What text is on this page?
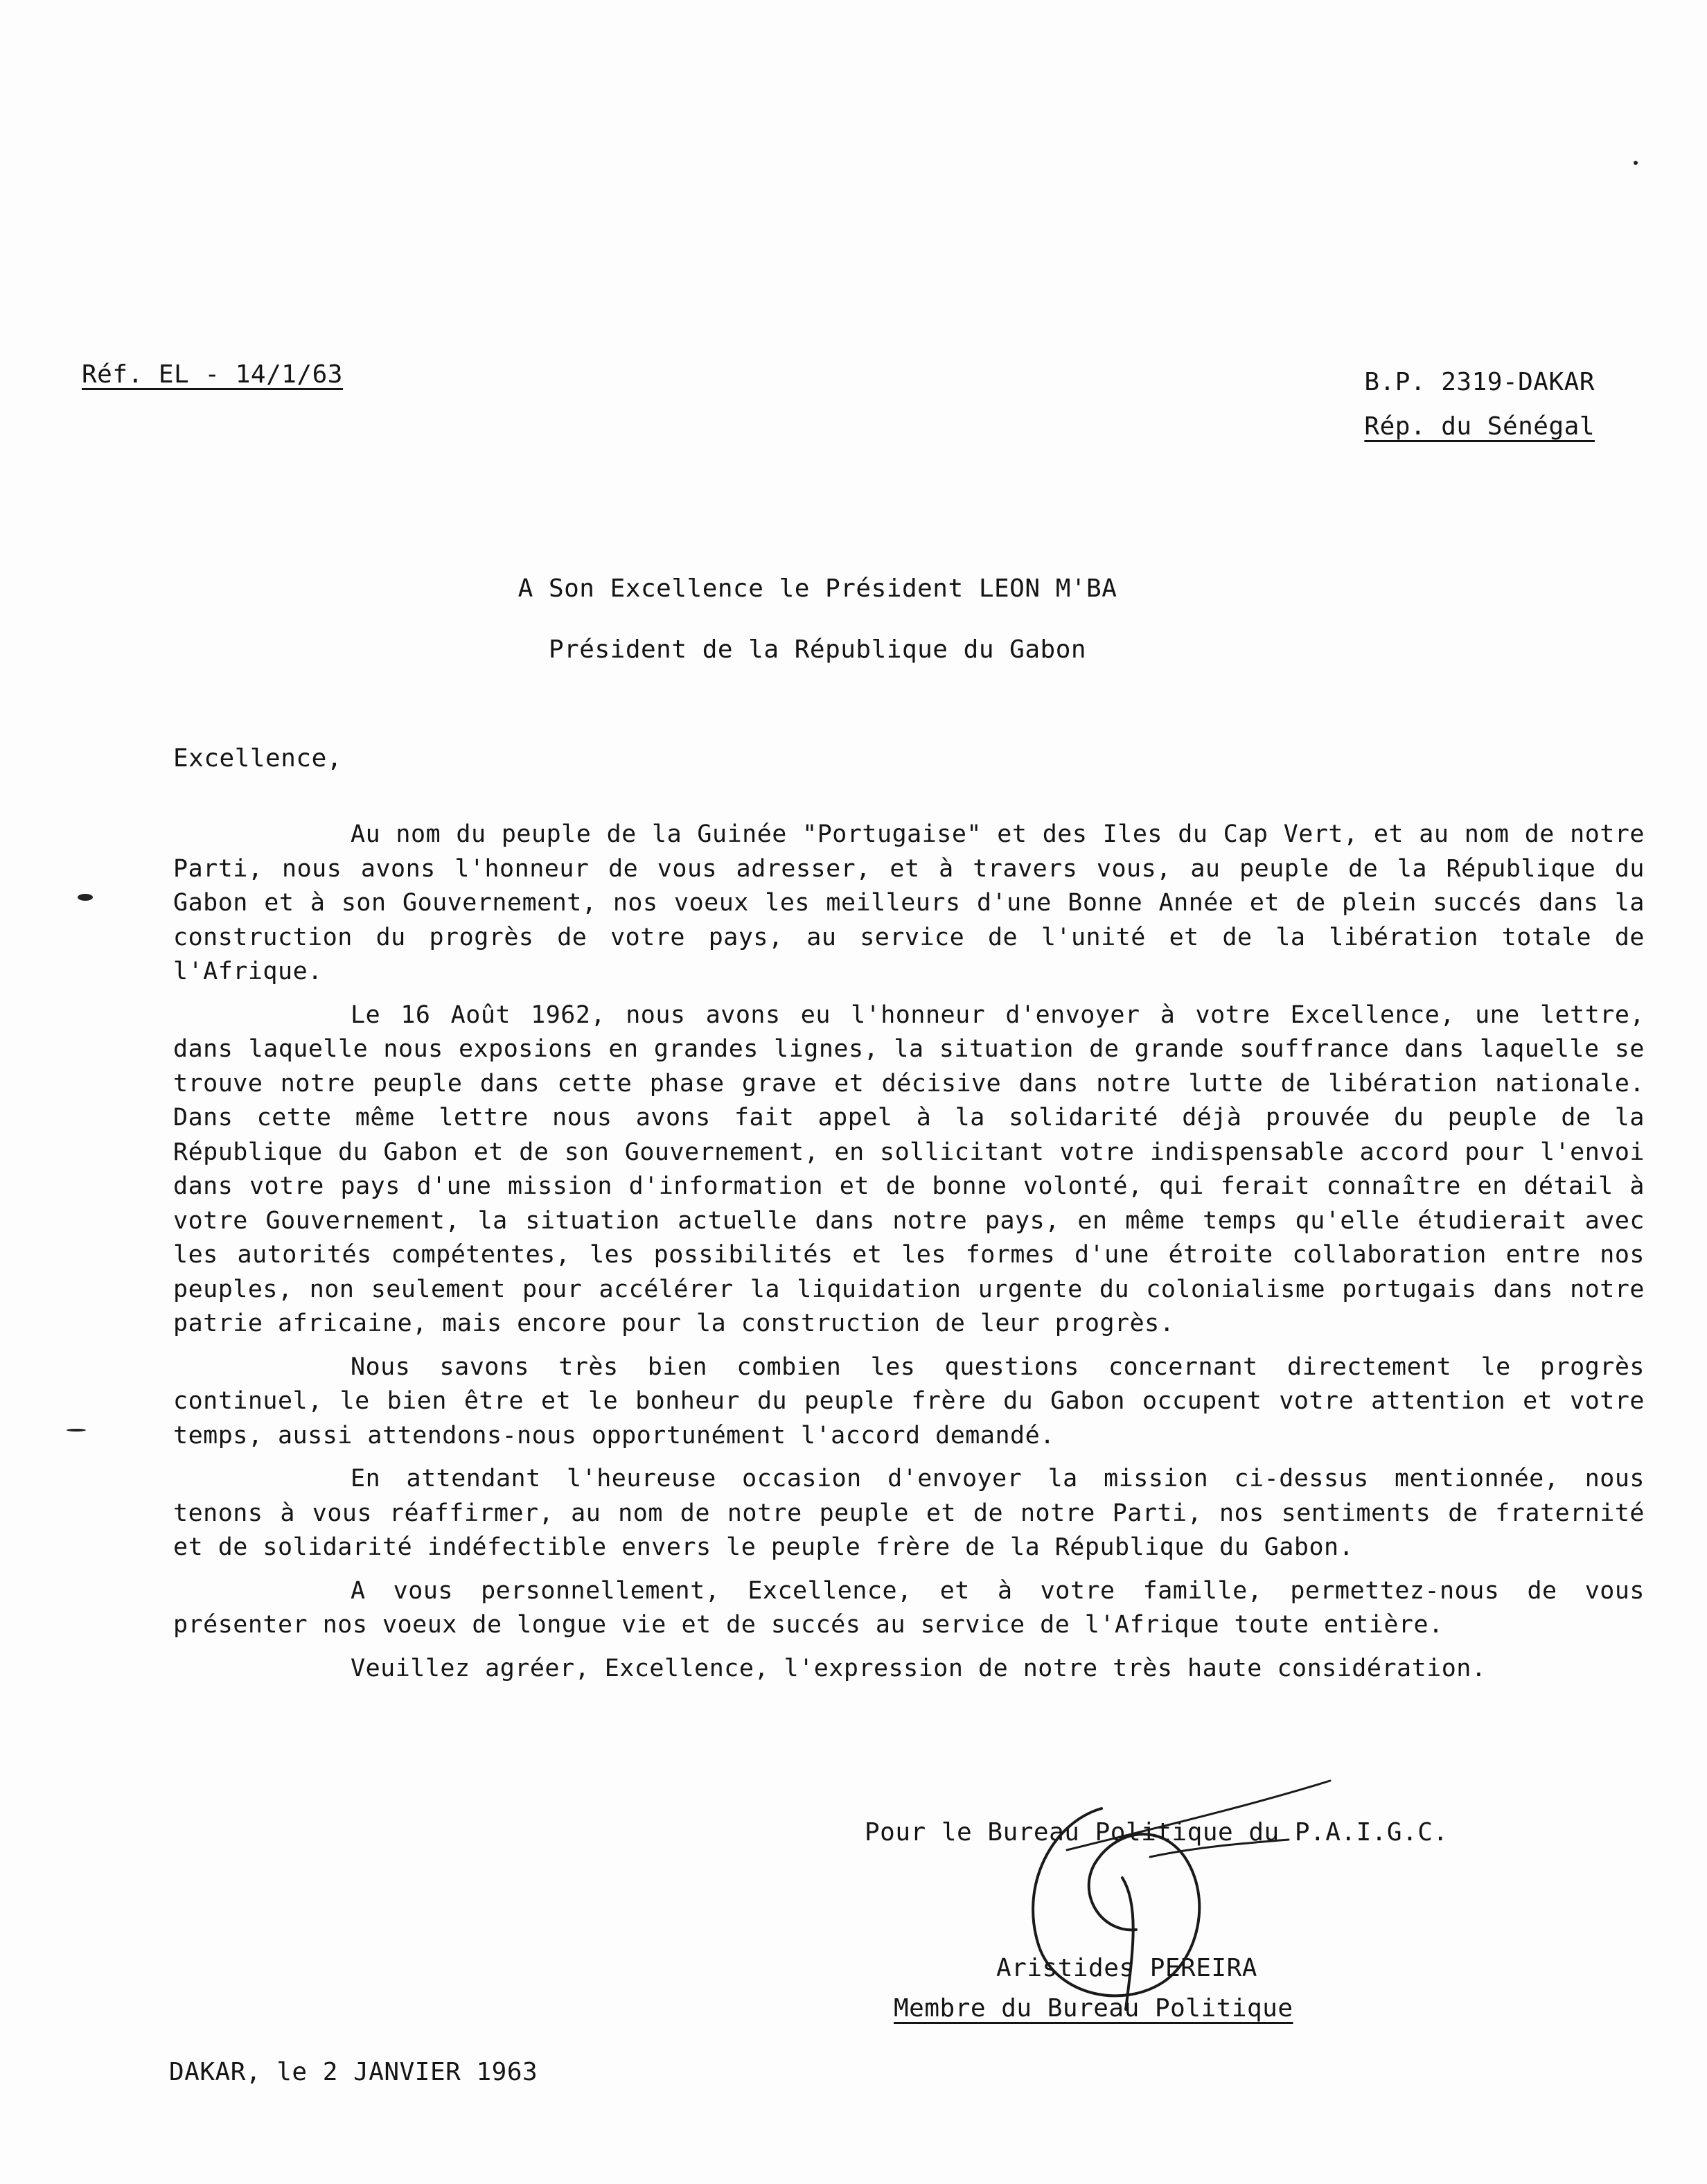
Réf. EL - 14/1/63	B.P. 2319-DAKAR
Rép. du Sénégal
A Son Excellence le Président LEON M'BA
Président de la République du Gabon
Excellence,

Au nom du peuple de la Guinée "Portugaise" et des Iles du Cap Vert, et au nom de notre Parti, nous avons l'honneur de vous adresser, et à travers vous, au peuple de la République du Gabon et à son Gouvernement, nos voeux les meilleurs d'une Bonne Année et de plein succés dans la construction du progrès de votre pays, au service de l'unité et de la libération totale de l'Afrique.

Le 16 Août 1962, nous avons eu l'honneur d'envoyer à votre Excellence, une lettre, dans laquelle nous exposions en grandes lignes, la situation de grande souffrance dans laquelle se trouve notre peuple dans cette phase grave et décisive dans notre lutte de libération nationale. Dans cette même lettre nous avons fait appel à la solidarité déjà prouvée du peuple de la République du Gabon et de son Gouvernement, en sollicitant votre indispensable accord pour l'envoi dans votre pays d'une mission d'information et de bonne volonté, qui ferait connaître en détail à votre Gouvernement, la situation actuelle dans notre pays, en même temps qu'elle étudierait avec les autorités compétentes, les possibilités et les formes d'une étroite collaboration entre nos peuples, non seulement pour accélérer la liquidation urgente du colonialisme portugais dans notre patrie africaine, mais encore pour la construction de leur progrès.

Nous savons très bien combien les questions concernant directement le progrès continuel, le bien être et le bonheur du peuple frère du Gabon occupent votre attention et votre temps, aussi attendons-nous opportunément l'accord demandé.

En attendant l'heureuse occasion d'envoyer la mission ci-dessus mentionnée, nous tenons à vous réaffirmer, au nom de notre peuple et de notre Parti, nos sentiments de fraternité et de solidarité indéfectible envers le peuple frère de la République du Gabon.

A vous personnellement, Excellence, et à votre famille, permettez-nous de vous présenter nos voeux de longue vie et de succés au service de l'Afrique toute entière.

Veuillez agréer, Excellence, l'expression de notre très haute considération.
Pour le Bureau Politique du P.A.I.G.C.
Aristides PEREIRA
Membre du Bureau Politique
DAKAR, le 2 JANVIER 1963
